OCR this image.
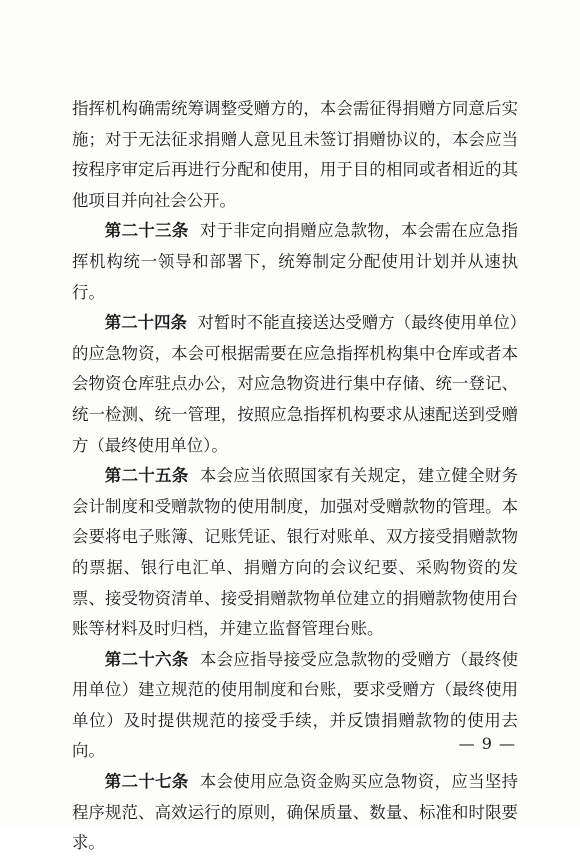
指挥机构确需统筹调整受赠方的，本会需征得捐赠方同意后实施；对于无法征求捐赠人意见且未签订捐赠协议的，本会应当按程序审定后再进行分配和使用，用于目的相同或者相近的其他项目并向社会公开。

第二十三条 对于非定向捐赠应急款物，本会需在应急指挥机构统一领导和部署下，统筹制定分配使用计划并从速执行。

第二十四条 对暂时不能直接送达受赠方（最终使用单位）的应急物资，本会可根据需要在应急指挥机构集中仓库或者本会物资仓库驻点办公，对应急物资进行集中存储、统一登记、统一检测、统一管理，按照应急指挥机构要求从速配送到受赠方（最终使用单位）。

第二十五条 本会应当依照国家有关规定，建立健全财务会计制度和受赠款物的使用制度，加强对受赠款物的管理。本会要将电子账簿、记账凭证、银行对账单、双方接受捐赠款物的票据、银行电汇单、捐赠方向的会议纪要、采购物资的发票、接受物资清单、接受捐赠款物单位建立的捐赠款物使用台账等材料及时归档，并建立监督管理台账。

第二十六条 本会应指导接受应急款物的受赠方（最终使用单位）建立规范的使用制度和台账，要求受赠方（最终使用单位）及时提供规范的接受手续，并反馈捐赠款物的使用去向。

第二十七条 本会使用应急资金购买应急物资，应当坚持程序规范、高效运行的原则，确保质量、数量、标准和时限要求。

— 9 —
